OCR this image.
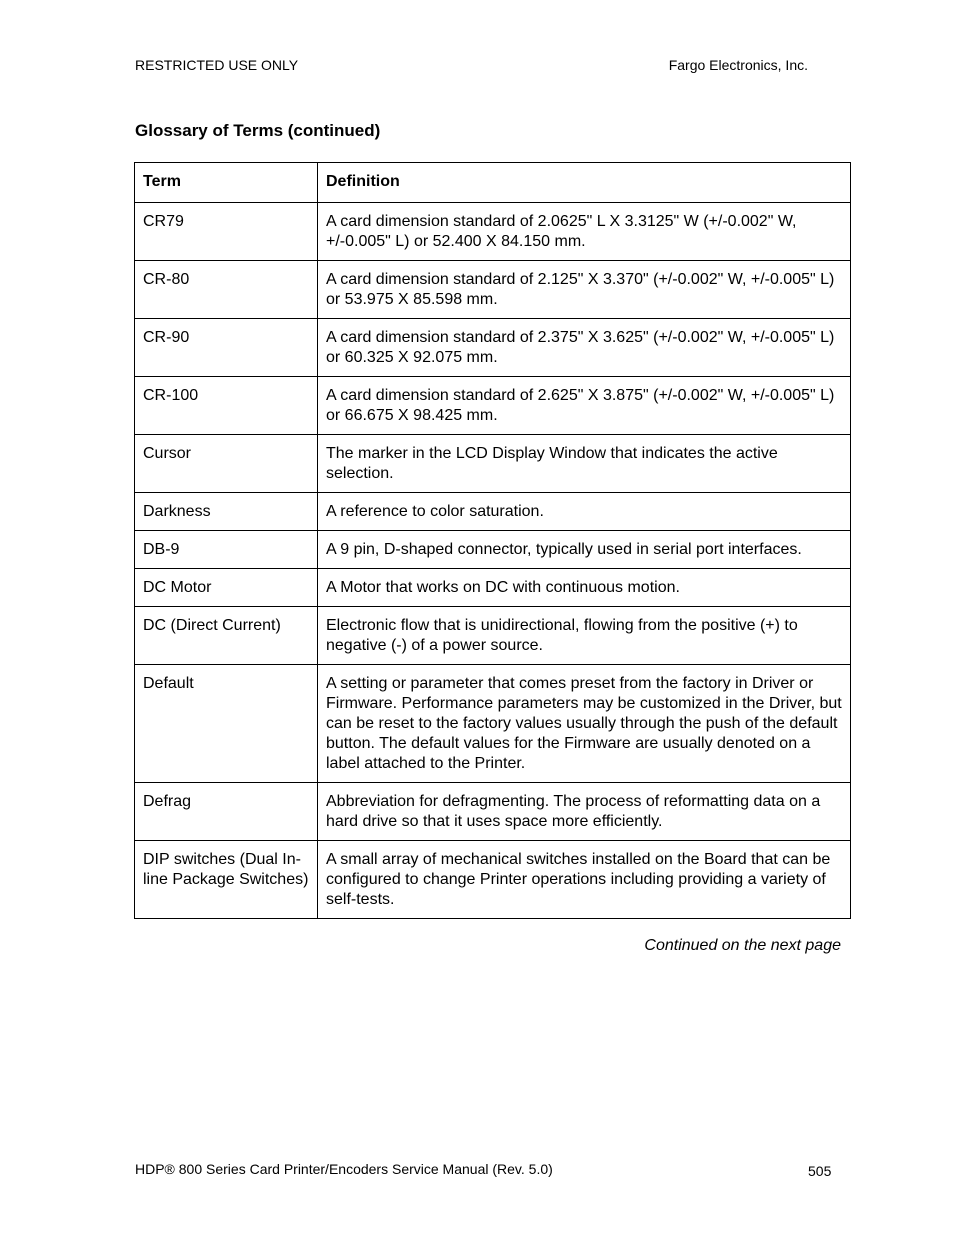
RESTRICTED USE ONLY	Fargo Electronics, Inc.
Glossary of Terms (continued)
Term	Definition
CR79	A card dimension standard of 2.0625" L X 3.3125" W (+/-0.002" W, +/-0.005" L) or 52.400 X 84.150 mm.
CR-80	A card dimension standard of 2.125" X 3.370" (+/-0.002" W, +/-0.005" L) or 53.975 X 85.598 mm.
CR-90	A card dimension standard of 2.375" X 3.625" (+/-0.002" W, +/-0.005" L) or 60.325 X 92.075 mm.
CR-100	A card dimension standard of 2.625" X 3.875" (+/-0.002" W, +/-0.005" L) or 66.675 X 98.425 mm.
Cursor	The marker in the LCD Display Window that indicates the active selection.
Darkness	A reference to color saturation.
DB-9	A 9 pin, D-shaped connector, typically used in serial port interfaces.
DC Motor	A Motor that works on DC with continuous motion.
DC (Direct Current)	Electronic flow that is unidirectional, flowing from the positive (+) to negative (-) of a power source.
Default	A setting or parameter that comes preset from the factory in Driver or Firmware. Performance parameters may be customized in the Driver, but can be reset to the factory values usually through the push of the default button. The default values for the Firmware are usually denoted on a label attached to the Printer.
Defrag	Abbreviation for defragmenting. The process of reformatting data on a hard drive so that it uses space more efficiently.
DIP switches (Dual In-line Package Switches)	A small array of mechanical switches installed on the Board that can be configured to change Printer operations including providing a variety of self-tests.
Continued on the next page
HDP® 800 Series Card Printer/Encoders Service Manual (Rev. 5.0)	505
